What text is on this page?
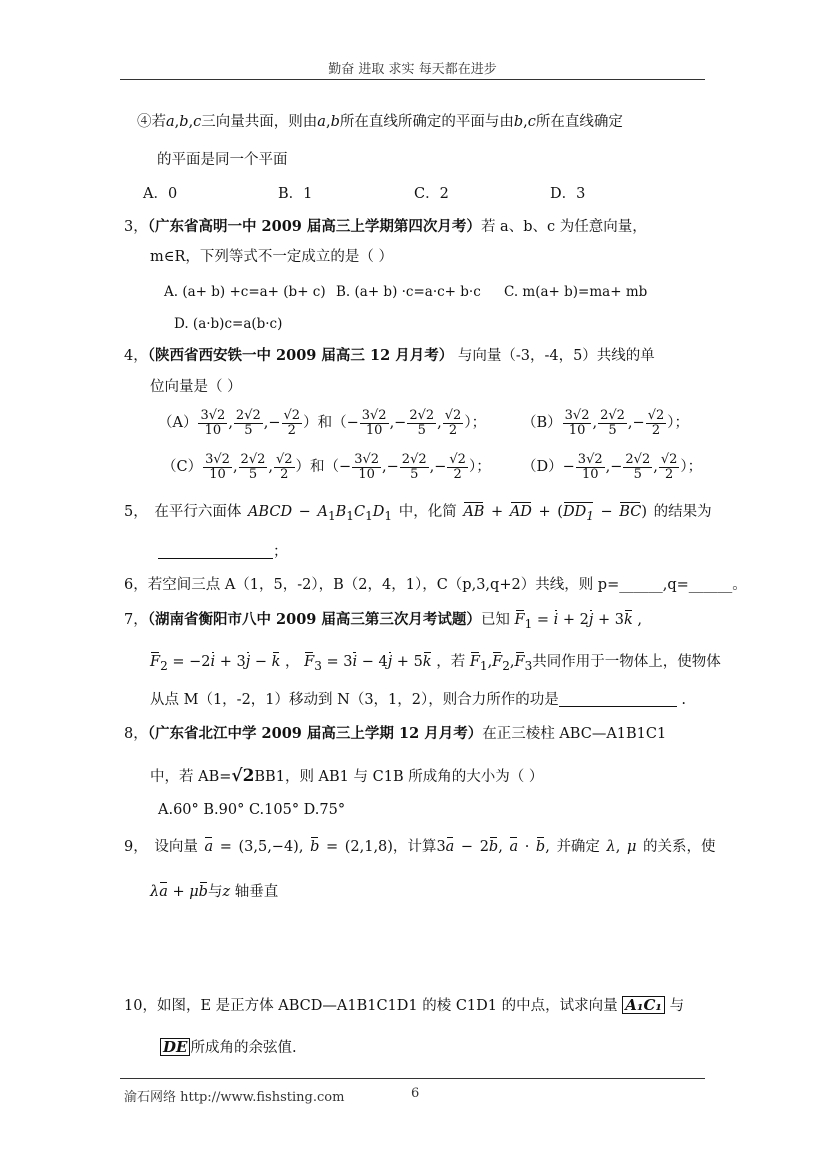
勤奋 进取 求实 每天都在进步
④若a,b,c三向量共面，则由a,b所在直线所确定的平面与由b,c所在直线确定
的平面是同一个平面
A．0	B．1	C．2	D．3
3，（广东省高明一中 2009 届高三上学期第四次月考）若 a、b、c 为任意向量，
m∈R，下列等式不一定成立的是（ ）
A. (a+ b) +c=a+ (b+ c) B. (a+ b) ·c=a·c+ b·c C. m(a+ b)=ma+ mb
D. (a·b)c=a(b·c)
4，（陕西省西安铁一中 2009 届高三 12 月月考） 与向量（-3，-4，5）共线的单
位向量是（ ）
$(A) \frac{3√2}{10}$ , $\frac{2√2}{5}$ ,− $\frac{√2}{2}$ ）和（− $\frac{3√2}{10}$ ,− $\frac{2√2}{5}$ , $\frac{√2}{2}$ ）； $(B) \frac{3√2}{10}$ , $\frac{2√2}{5}$ ,− $\frac{√2}{2}$ ）；
$(C) \frac{3√2}{10}$ , $\frac{2√2}{5}$ , $\frac{√2}{2}$ ）和（− $\frac{3√2}{10}$ ,− $\frac{2√2}{5}$ ,− $\frac{√2}{2}$ ）； $(D)- \frac{3√2}{10}$ ,− $\frac{2√2}{5}$ , $\frac{√2}{2}$ ）；
5， 在平行六面体 ABCD − $A_1B_1C_1D_1$ 中，化简 AB + AD + $(DD_1 - BC)$ 的结果为
；
6，若空间三点 A（1，5，-2），B（2，4，1），C（p,3,q+2）共线，则 p=______,q=______。
7，（湖南省衡阳市八中 2009 届高三第三次月考试题）已知 $F_1 = i + 2j + 3k$ ,
$F_2 = -2i + 3j - k$ ， $F_3 = 3i - 4j + 5k$ ，若 $F_1,F_2,F_3$共同作用于一物体上，使物体
从点 M（1，-2，1）移动到 N（3，1，2），则合力所作的功是	.
8，（广东省北江中学 2009 届高三上学期 12 月月考）在正三棱柱 ABC—A1B1C1
中，若 AB=√2BB1，则 AB1 与 C1B 所成角的大小为（ ）
A.60° B.90° C.105° D.75°
9， 设向量 a = (3,5,−4), b = (2,1,8)，计算3a − 2b, a · b, 并确定 λ, μ 的关系，使
λa + μb与z 轴垂直
10，如图，E 是正方体 ABCD—A1B1C1D1 的棱 C1D1 的中点，试求向量 A₁C₁ 与
DE 所成角的余弦值.
渝石网络 http://www.fishsting.com	6
